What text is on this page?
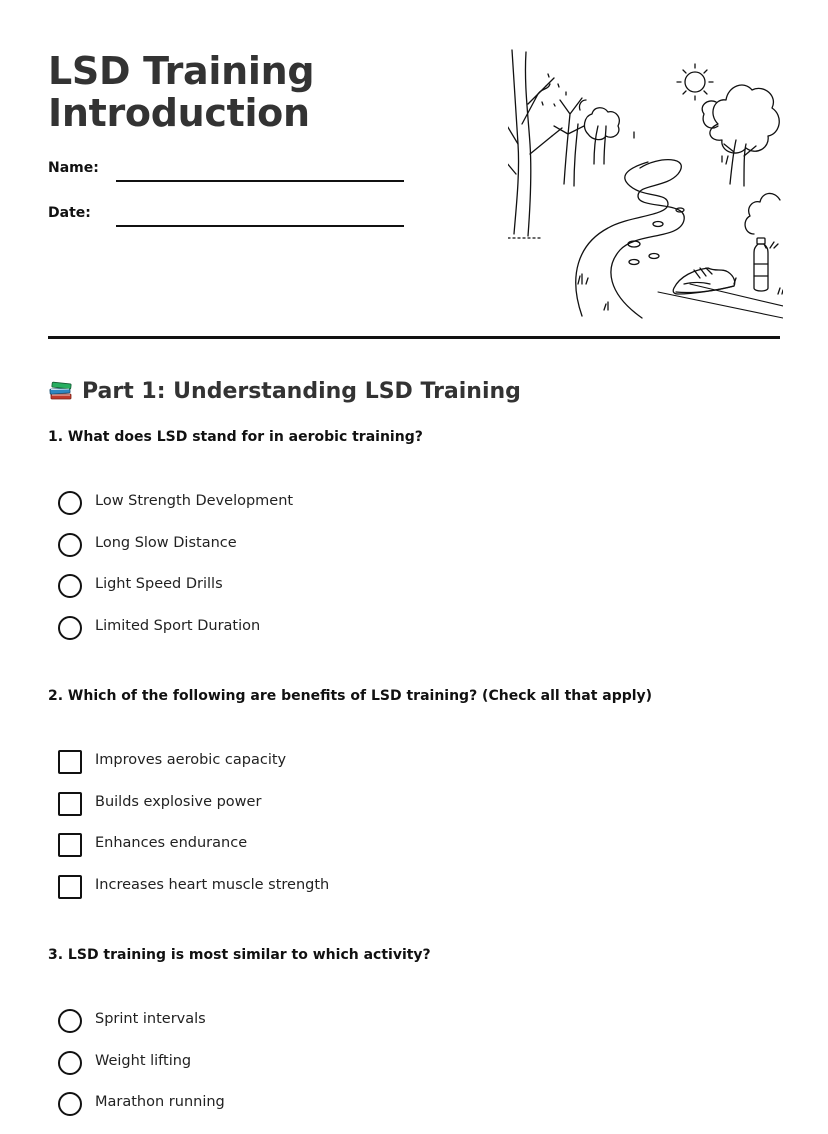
LSD Training
Introduction
Name:
Date:
Part 1: Understanding LSD Training

1. What does LSD stand for in aerobic training?

Low Strength Development
Long Slow Distance
Light Speed Drills
Limited Sport Duration

2. Which of the following are benefits of LSD training? (Check all that apply)

Improves aerobic capacity
Builds explosive power
Enhances endurance
Increases heart muscle strength

3. LSD training is most similar to which activity?

Sprint intervals
Weight lifting
Marathon running
